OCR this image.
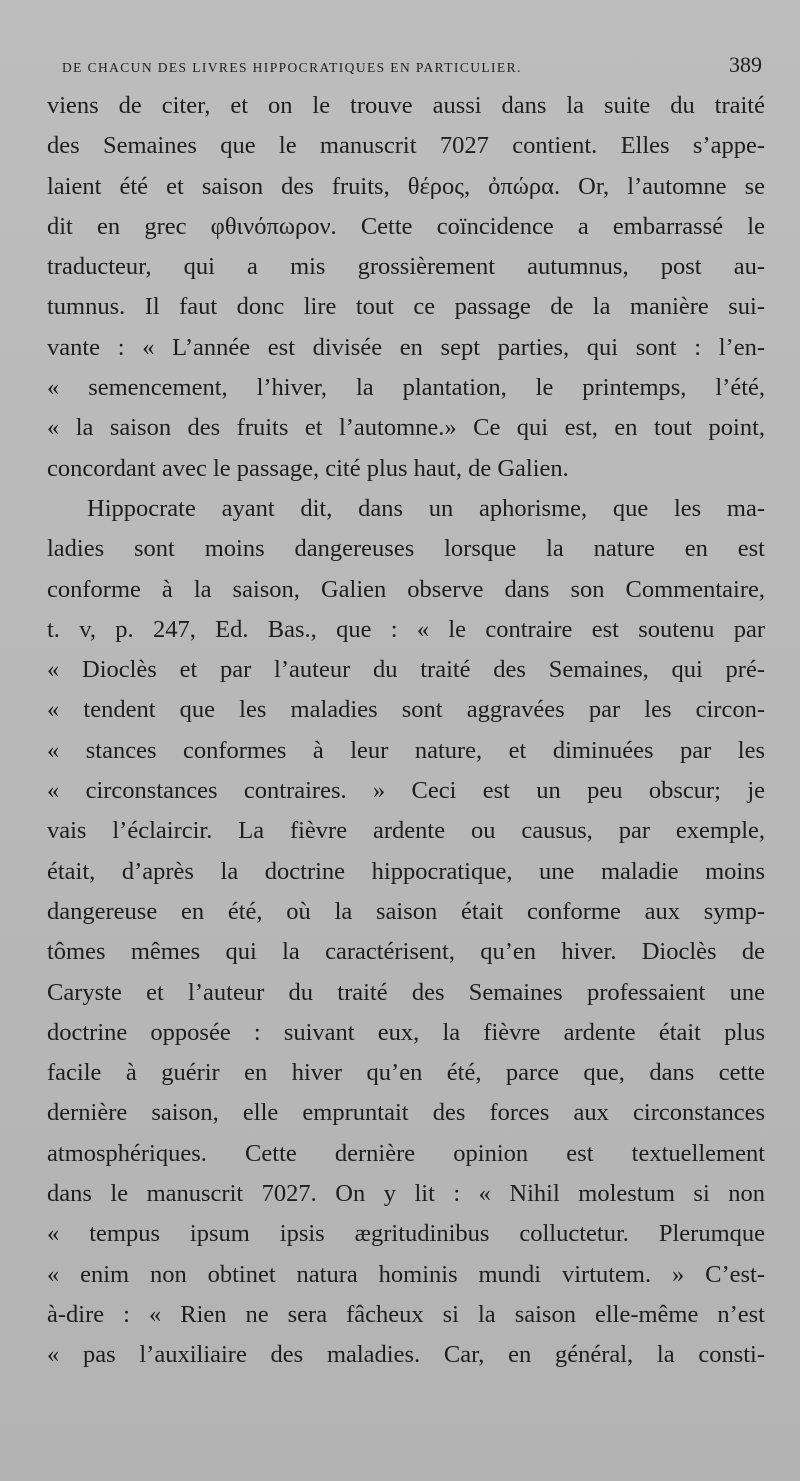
DE CHACUN DES LIVRES HIPPOCRATIQUES EN PARTICULIER.	389
viens de citer, et on le trouve aussi dans la suite du traité
des Semaines que le manuscrit 7027 contient. Elles s’appe-
laient été et saison des fruits, θέρος, ὀπώρα. Or, l’automne se
dit en grec φθινόπωρον. Cette coïncidence a embarrassé le
traducteur, qui a mis grossièrement autumnus, post au-
tumnus. Il faut donc lire tout ce passage de la manière sui-
vante : « L’année est divisée en sept parties, qui sont : l’en-
« semencement, l’hiver, la plantation, le printemps, l’été,
« la saison des fruits et l’automne.» Ce qui est, en tout point,
concordant avec le passage, cité plus haut, de Galien.
Hippocrate ayant dit, dans un aphorisme, que les ma-
ladies sont moins dangereuses lorsque la nature en est
conforme à la saison, Galien observe dans son Commentaire,
t. v, p. 247, Ed. Bas., que : « le contraire est soutenu par
« Dioclès et par l’auteur du traité des Semaines, qui pré-
« tendent que les maladies sont aggravées par les circon-
« stances conformes à leur nature, et diminuées par les
« circonstances contraires. » Ceci est un peu obscur; je
vais l’éclaircir. La fièvre ardente ou causus, par exemple,
était, d’après la doctrine hippocratique, une maladie moins
dangereuse en été, où la saison était conforme aux symp-
tômes mêmes qui la caractérisent, qu’en hiver. Dioclès de
Caryste et l’auteur du traité des Semaines professaient une
doctrine opposée : suivant eux, la fièvre ardente était plus
facile à guérir en hiver qu’en été, parce que, dans cette
dernière saison, elle empruntait des forces aux circonstances
atmosphériques. Cette dernière opinion est textuellement
dans le manuscrit 7027. On y lit : « Nihil molestum si non
« tempus ipsum ipsis ægritudinibus colluctetur. Plerumque
« enim non obtinet natura hominis mundi virtutem. » C’est-
à-dire : « Rien ne sera fâcheux si la saison elle-même n’est
« pas l’auxiliaire des maladies. Car, en général, la consti-
